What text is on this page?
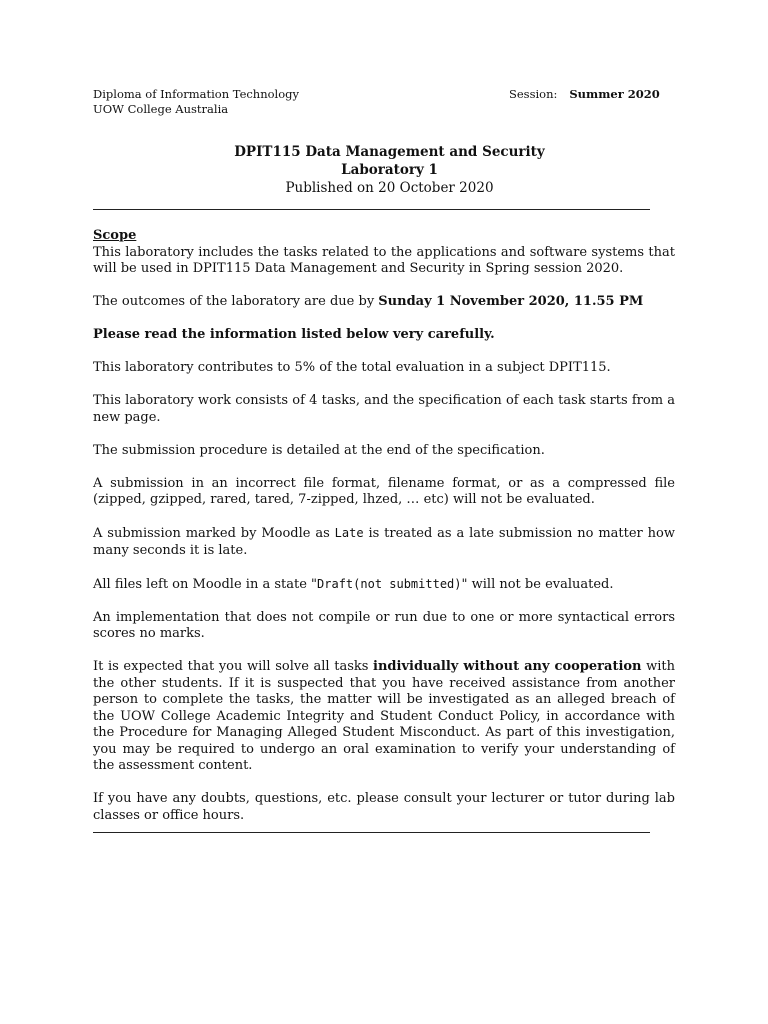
Diploma of Information Technology
UOW College Australia
Session: Summer 2020
DPIT115 Data Management and Security
Laboratory 1
Published on 20 October 2020

Scope
This laboratory includes the tasks related to the applications and software systems that will be used in DPIT115 Data Management and Security in Spring session 2020.

The outcomes of the laboratory are due by Sunday 1 November 2020, 11.55 PM

Please read the information listed below very carefully.

This laboratory contributes to 5% of the total evaluation in a subject DPIT115.

This laboratory work consists of 4 tasks, and the specification of each task starts from a new page.

The submission procedure is detailed at the end of the specification.

A submission in an incorrect file format, filename format, or as a compressed file (zipped, gzipped, rared, tared, 7-zipped, lhzed, … etc) will not be evaluated.

A submission marked by Moodle as Late is treated as a late submission no matter how many seconds it is late.

All files left on Moodle in a state "Draft(not submitted)" will not be evaluated.

An implementation that does not compile or run due to one or more syntactical errors scores no marks.

It is expected that you will solve all tasks individually without any cooperation with the other students. If it is suspected that you have received assistance from another person to complete the tasks, the matter will be investigated as an alleged breach of the UOW College Academic Integrity and Student Conduct Policy, in accordance with the Procedure for Managing Alleged Student Misconduct. As part of this investigation, you may be required to undergo an oral examination to verify your understanding of the assessment content.

If you have any doubts, questions, etc. please consult your lecturer or tutor during lab classes or office hours.
